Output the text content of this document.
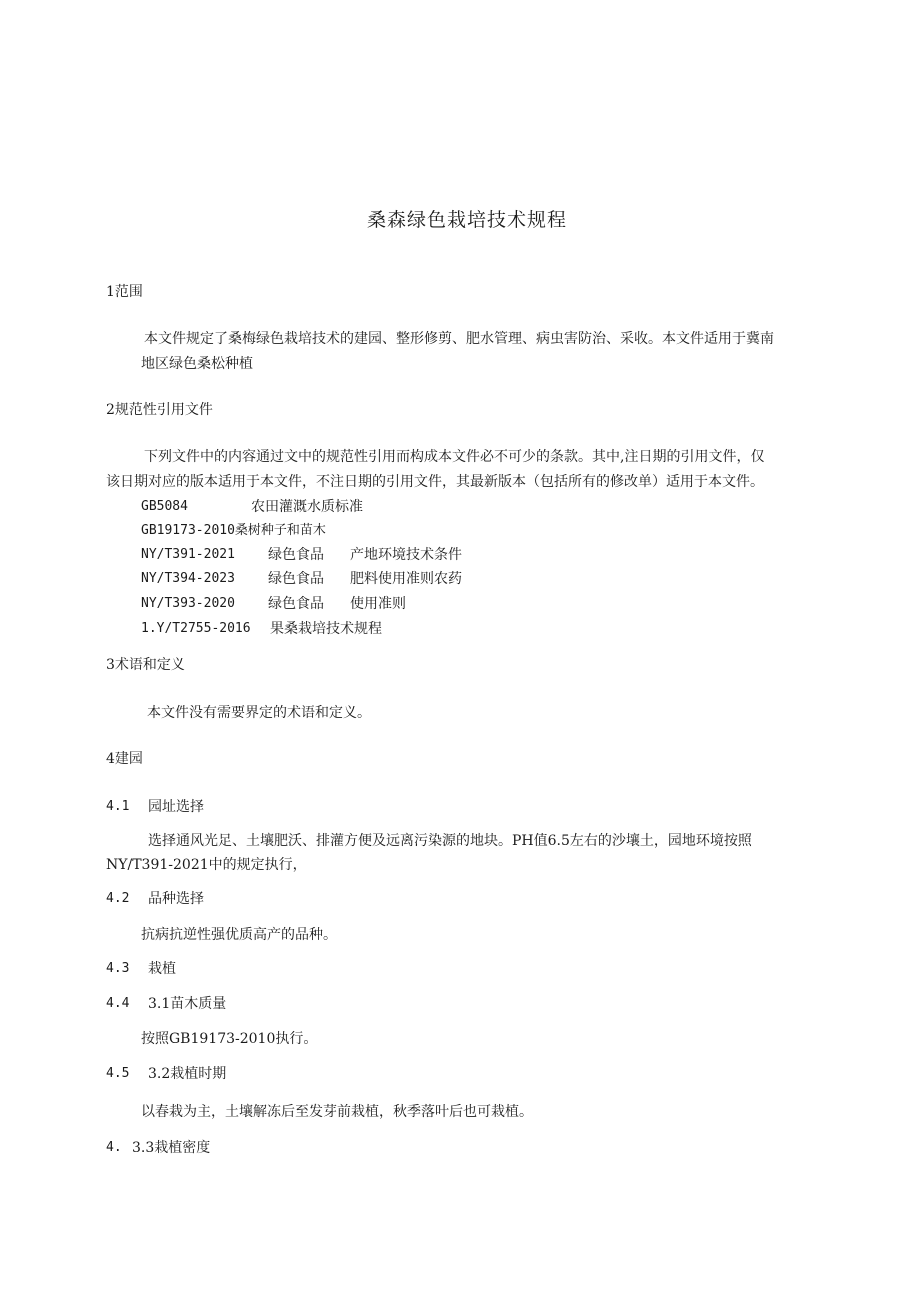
桑森绿色栽培技术规程
1范围
本文件规定了桑梅绿色栽培技术的建园、整形修剪、肥水管理、病虫害防治、采收。本文件适用于冀南
地区绿色桑松种植
2规范性引用文件
下列文件中的内容通过文中的规范性引用而构成本文件必不可少的条款。其中,注日期的引用文件，仅
该日期对应的版本适用于本文件，不注日期的引用文件，其最新版本（包括所有的修改单）适用于本文件。
GB5084	农田灌溉水质标准
GB19173-2010桑树种子和苗木
NY/T391-2021 绿色食品 产地环境技术条件
NY/T394-2023 绿色食品 肥料使用准则农药
NY/T393-2020 绿色食品 使用准则
1.Y/T2755-2016 果桑栽培技术规程
3术语和定义
本文件没有需要界定的术语和定义。
4建园
4.1 园址选择
选择通风光足、土壤肥沃、排灌方便及远离污染源的地块。PH值6.5左右的沙壤土，园地环境按照
NY/T391-2021中的规定执行，
4.2 品种选择
抗病抗逆性强优质高产的品种。
4.3 栽植
4.4 3.1苗木质量
按照GB19173-2010执行。
4.5 3.2栽植时期
以春栽为主，土壤解冻后至发芽前栽植，秋季落叶后也可栽植。
4. 3.3栽植密度
